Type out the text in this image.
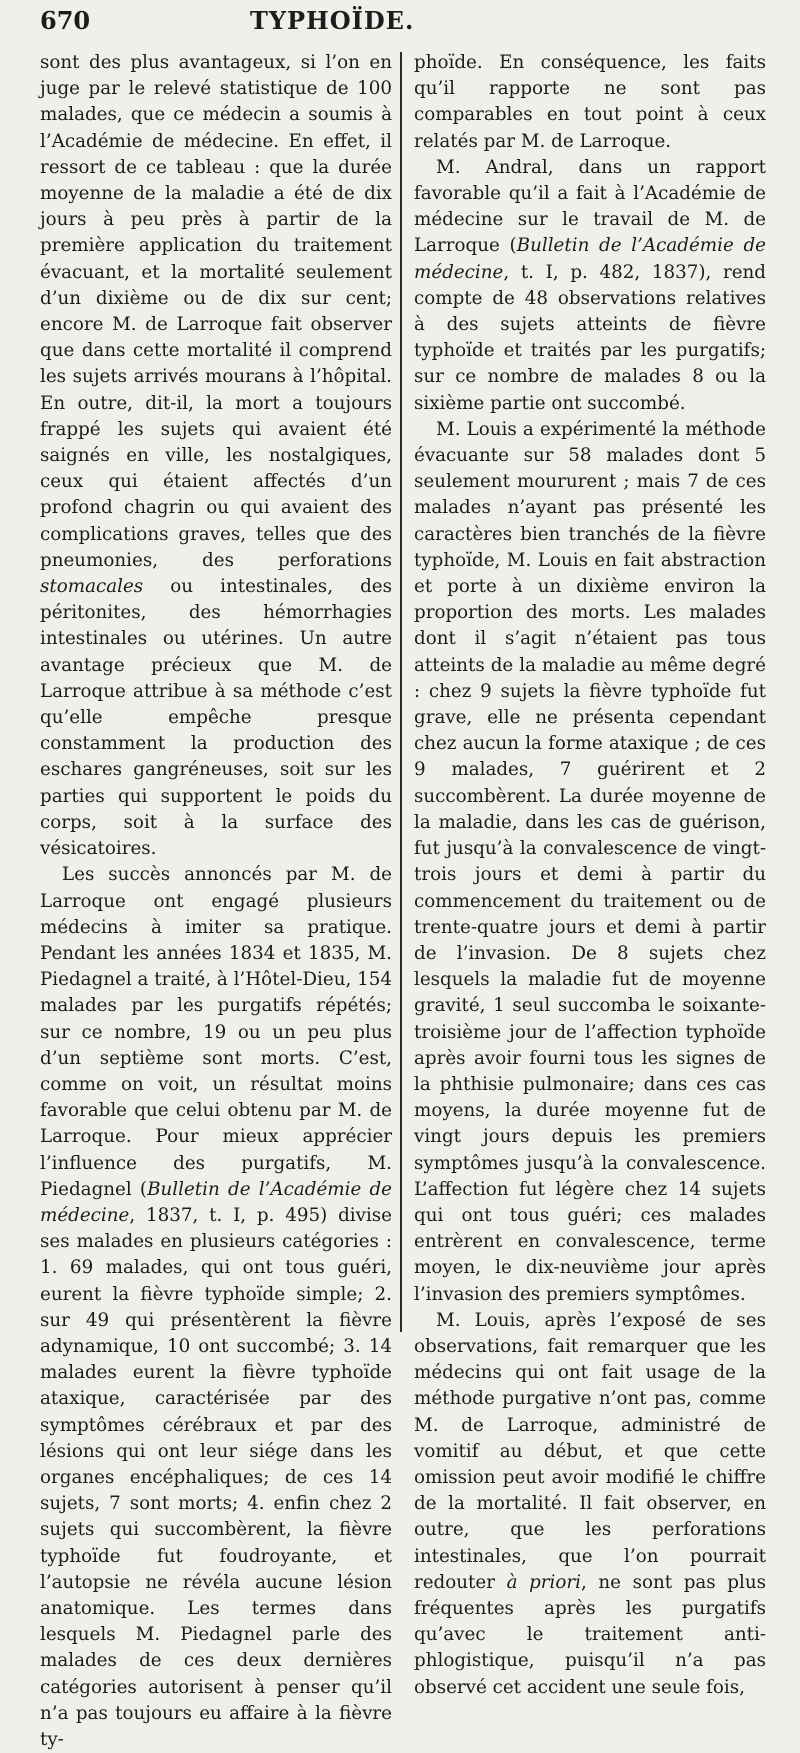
670	TYPHOÏDE.

sont des plus avantageux, si l’on en juge par le relevé statistique de 100 malades, que ce médecin a soumis à l’Académie de médecine. En effet, il ressort de ce tableau : que la durée moyenne de la maladie a été de dix jours à peu près à partir de la première application du traitement évacuant, et la mortalité seulement d’un dixième ou de dix sur cent; encore M. de Larroque fait observer que dans cette mortalité il comprend les sujets arrivés mourans à l’hôpital. En outre, dit-il, la mort a toujours frappé les sujets qui avaient été saignés en ville, les nostalgiques, ceux qui étaient affectés d’un profond chagrin ou qui avaient des complications graves, telles que des pneumonies, des perforations stomacales ou intestinales, des péritonites, des hémorrhagies intestinales ou utérines. Un autre avantage précieux que M. de Larroque attribue à sa méthode c’est qu’elle empêche presque constamment la production des eschares gangréneuses, soit sur les parties qui supportent le poids du corps, soit à la surface des vésicatoires.

Les succès annoncés par M. de Larroque ont engagé plusieurs médecins à imiter sa pratique. Pendant les années 1834 et 1835, M. Piedagnel a traité, à l’Hôtel-Dieu, 154 malades par les purgatifs répétés; sur ce nombre, 19 ou un peu plus d’un septième sont morts. C’est, comme on voit, un résultat moins favorable que celui obtenu par M. de Larroque. Pour mieux apprécier l’influence des purgatifs, M. Piedagnel (Bulletin de l’Académie de médecine, 1837, t. I, p. 495) divise ses malades en plusieurs catégories : 1. 69 malades, qui ont tous guéri, eurent la fièvre typhoïde simple; 2. sur 49 qui présentèrent la fièvre adynamique, 10 ont succombé; 3. 14 malades eurent la fièvre typhoïde ataxique, caractérisée par des symptômes cérébraux et par des lésions qui ont leur siége dans les organes encéphaliques; de ces 14 sujets, 7 sont morts; 4. enfin chez 2 sujets qui succombèrent, la fièvre typhoïde fut foudroyante, et l’autopsie ne révéla aucune lésion anatomique. Les termes dans lesquels M. Piedagnel parle des malades de ces deux dernières catégories autorisent à penser qu’il n’a pas toujours eu affaire à la fièvre ty-

phoïde. En conséquence, les faits qu’il rapporte ne sont pas comparables en tout point à ceux relatés par M. de Larroque.

M. Andral, dans un rapport favorable qu’il a fait à l’Académie de médecine sur le travail de M. de Larroque (Bulletin de l’Académie de médecine, t. I, p. 482, 1837), rend compte de 48 observations relatives à des sujets atteints de fièvre typhoïde et traités par les purgatifs; sur ce nombre de malades 8 ou la sixième partie ont succombé.

M. Louis a expérimenté la méthode évacuante sur 58 malades dont 5 seulement moururent ; mais 7 de ces malades n’ayant pas présenté les caractères bien tranchés de la fièvre typhoïde, M. Louis en fait abstraction et porte à un dixième environ la proportion des morts. Les malades dont il s’agit n’étaient pas tous atteints de la maladie au même degré : chez 9 sujets la fièvre typhoïde fut grave, elle ne présenta cependant chez aucun la forme ataxique ; de ces 9 malades, 7 guérirent et 2 succombèrent. La durée moyenne de la maladie, dans les cas de guérison, fut jusqu’à la convalescence de vingt-trois jours et demi à partir du commencement du traitement ou de trente-quatre jours et demi à partir de l’invasion. De 8 sujets chez lesquels la maladie fut de moyenne gravité, 1 seul succomba le soixante-troisième jour de l’affection typhoïde après avoir fourni tous les signes de la phthisie pulmonaire; dans ces cas moyens, la durée moyenne fut de vingt jours depuis les premiers symptômes jusqu’à la convalescence. L’affection fut légère chez 14 sujets qui ont tous guéri; ces malades entrèrent en convalescence, terme moyen, le dix-neuvième jour après l’invasion des premiers symptômes.

M. Louis, après l’exposé de ses observations, fait remarquer que les médecins qui ont fait usage de la méthode purgative n’ont pas, comme M. de Larroque, administré de vomitif au début, et que cette omission peut avoir modifié le chiffre de la mortalité. Il fait observer, en outre, que les perforations intestinales, que l’on pourrait redouter à priori, ne sont pas plus fréquentes après les purgatifs qu’avec le traitement anti-phlogistique, puisqu’il n’a pas observé cet accident une seule fois,
